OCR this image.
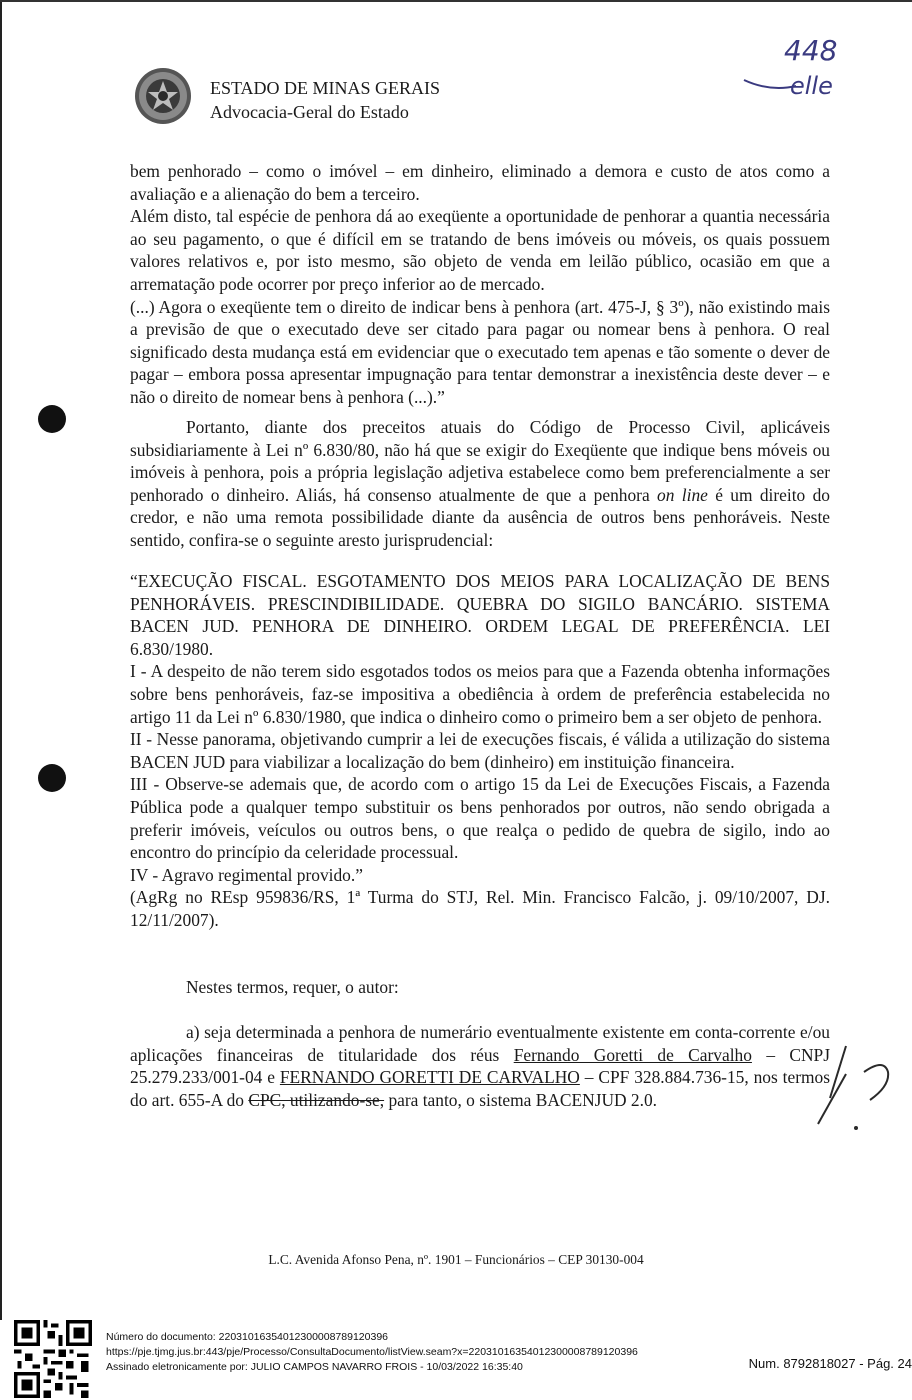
ESTADO DE MINAS GERAIS
Advocacia-Geral do Estado
448
elle

bem penhorado – como o imóvel – em dinheiro, eliminado a demora e custo de atos como a avaliação e a alienação do bem a terceiro.

Além disto, tal espécie de penhora dá ao exeqüente a oportunidade de penhorar a quantia necessária ao seu pagamento, o que é difícil em se tratando de bens imóveis ou móveis, os quais possuem valores relativos e, por isto mesmo, são objeto de venda em leilão público, ocasião em que a arrematação pode ocorrer por preço inferior ao de mercado.

(...) Agora o exeqüente tem o direito de indicar bens à penhora (art. 475-J, § 3º), não existindo mais a previsão de que o executado deve ser citado para pagar ou nomear bens à penhora. O real significado desta mudança está em evidenciar que o executado tem apenas e tão somente o dever de pagar – embora possa apresentar impugnação para tentar demonstrar a inexistência deste dever – e não o direito de nomear bens à penhora (...).”

Portanto, diante dos preceitos atuais do Código de Processo Civil, aplicáveis subsidiariamente à Lei nº 6.830/80, não há que se exigir do Exeqüente que indique bens móveis ou imóveis à penhora, pois a própria legislação adjetiva estabelece como bem preferencialmente a ser penhorado o dinheiro. Aliás, há consenso atualmente de que a penhora on line é um direito do credor, e não uma remota possibilidade diante da ausência de outros bens penhoráveis. Neste sentido, confira-se o seguinte aresto jurisprudencial:

“EXECUÇÃO FISCAL. ESGOTAMENTO DOS MEIOS PARA LOCALIZAÇÃO DE BENS PENHORÁVEIS. PRESCINDIBILIDADE. QUEBRA DO SIGILO BANCÁRIO. SISTEMA BACEN JUD. PENHORA DE DINHEIRO. ORDEM LEGAL DE PREFERÊNCIA. LEI 6.830/1980.

I - A despeito de não terem sido esgotados todos os meios para que a Fazenda obtenha informações sobre bens penhoráveis, faz-se impositiva a obediência à ordem de preferência estabelecida no artigo 11 da Lei nº 6.830/1980, que indica o dinheiro como o primeiro bem a ser objeto de penhora.

II - Nesse panorama, objetivando cumprir a lei de execuções fiscais, é válida a utilização do sistema BACEN JUD para viabilizar a localização do bem (dinheiro) em instituição financeira.

III - Observe-se ademais que, de acordo com o artigo 15 da Lei de Execuções Fiscais, a Fazenda Pública pode a qualquer tempo substituir os bens penhorados por outros, não sendo obrigada a preferir imóveis, veículos ou outros bens, o que realça o pedido de quebra de sigilo, indo ao encontro do princípio da celeridade processual.

IV - Agravo regimental provido.”

(AgRg no REsp 959836/RS, 1ª Turma do STJ, Rel. Min. Francisco Falcão, j. 09/10/2007, DJ. 12/11/2007).

Nestes termos, requer, o autor:

a) seja determinada a penhora de numerário eventualmente existente em conta-corrente e/ou aplicações financeiras de titularidade dos réus Fernando Goretti de Carvalho – CNPJ 25.279.233/001-04 e FERNANDO GORETTI DE CARVALHO – CPF 328.884.736-15, nos termos do art. 655-A do CPC, utilizando-se, para tanto, o sistema BACENJUD 2.0.

L.C. Avenida Afonso Pena, nº. 1901 – Funcionários – CEP 30130-004
Número do documento: 22031016354012300008789120396
https://pje.tjmg.jus.br:443/pje/Processo/ConsultaDocumento/listView.seam?x=22031016354012300008789120396
Assinado eletronicamente por: JULIO CAMPOS NAVARRO FROIS - 10/03/2022 16:35:40	Num. 8792818027 - Pág. 24
